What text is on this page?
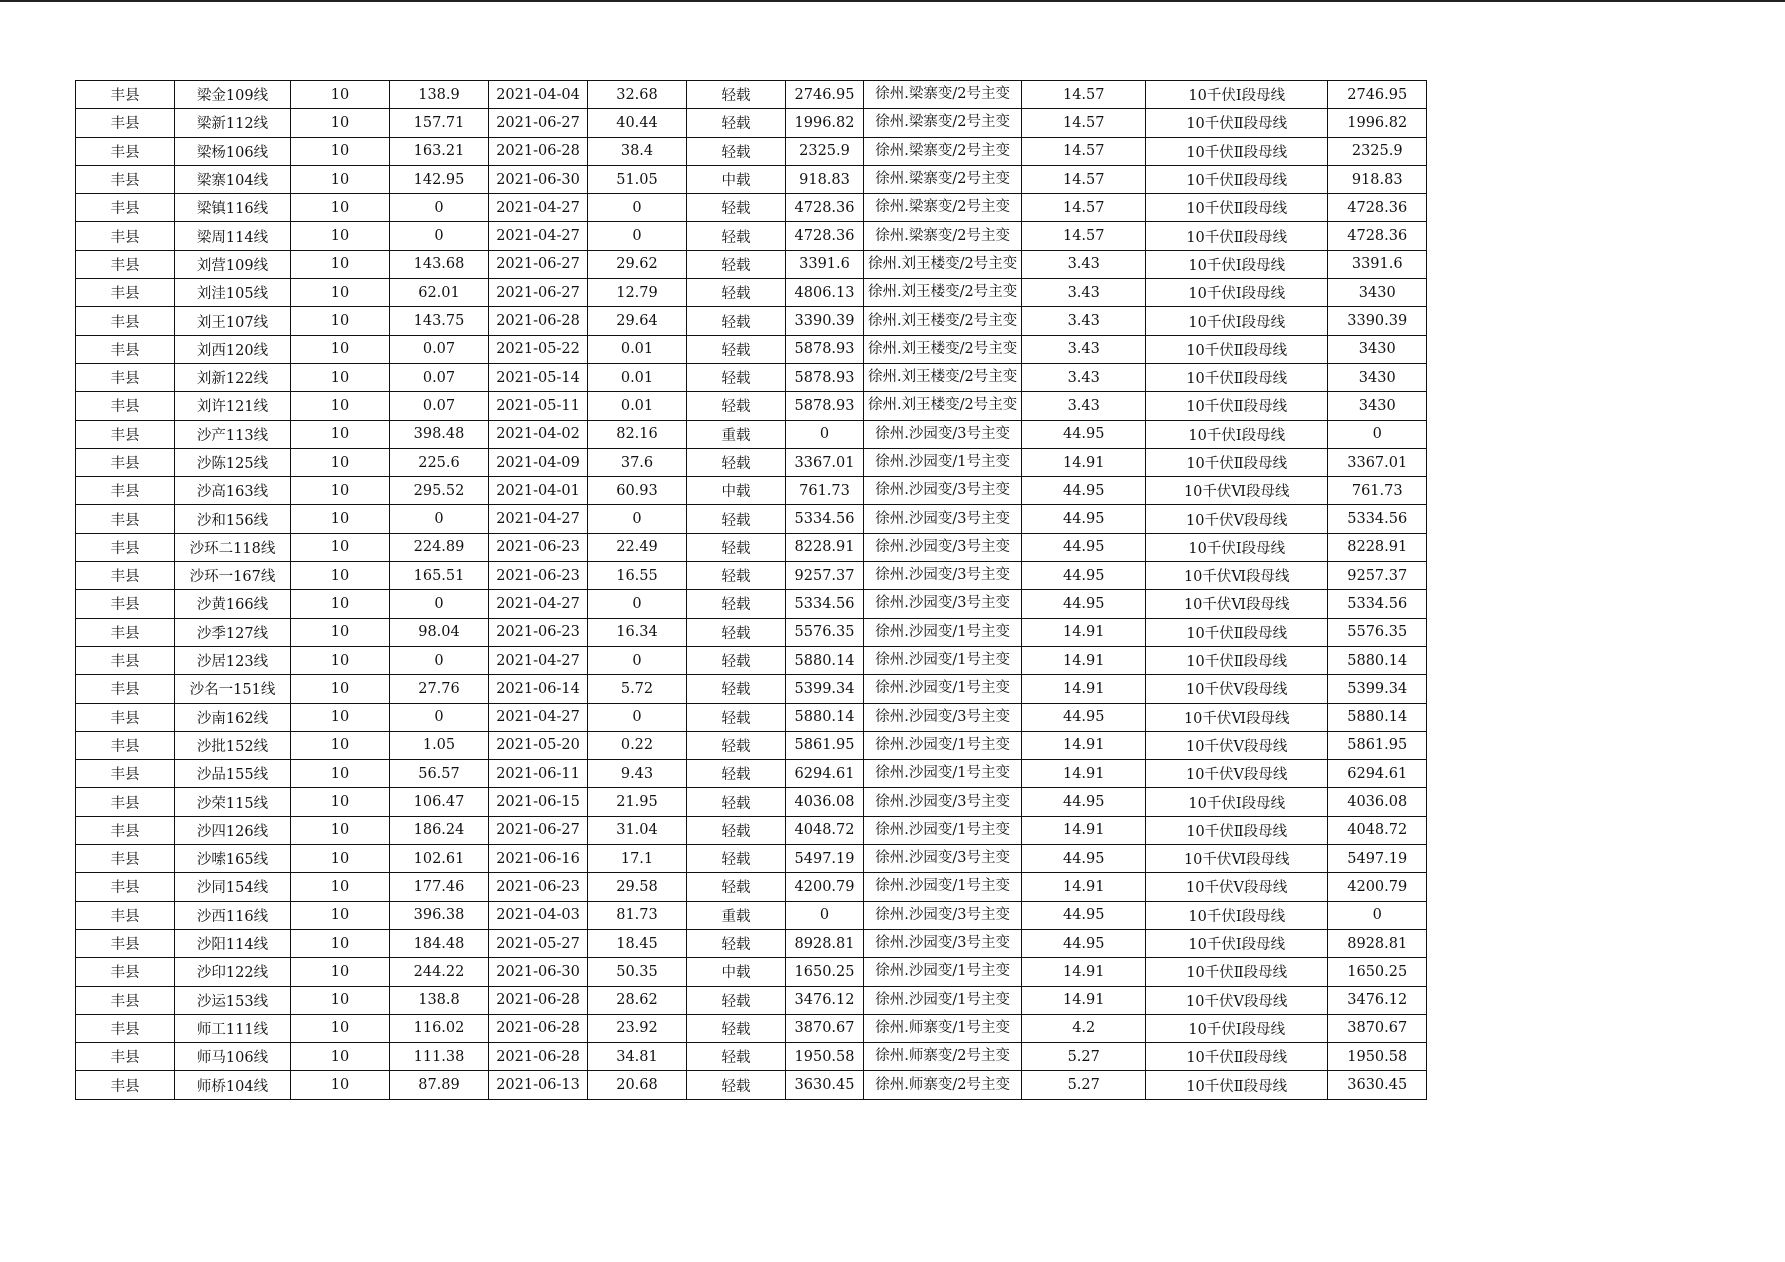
丰县	梁金109线	10	138.9	2021-04-04	32.68	轻载	2746.95	徐州.梁寨变/2号主变	14.57	10千伏Ⅰ段母线	2746.95
丰县	梁新112线	10	157.71	2021-06-27	40.44	轻载	1996.82	徐州.梁寨变/2号主变	14.57	10千伏Ⅱ段母线	1996.82
丰县	梁杨106线	10	163.21	2021-06-28	38.4	轻载	2325.9	徐州.梁寨变/2号主变	14.57	10千伏Ⅱ段母线	2325.9
丰县	梁寨104线	10	142.95	2021-06-30	51.05	中载	918.83	徐州.梁寨变/2号主变	14.57	10千伏Ⅱ段母线	918.83
丰县	梁镇116线	10	0	2021-04-27	0	轻载	4728.36	徐州.梁寨变/2号主变	14.57	10千伏Ⅱ段母线	4728.36
丰县	梁周114线	10	0	2021-04-27	0	轻载	4728.36	徐州.梁寨变/2号主变	14.57	10千伏Ⅱ段母线	4728.36
丰县	刘营109线	10	143.68	2021-06-27	29.62	轻载	3391.6	徐州.刘王楼变/2号主变	3.43	10千伏Ⅰ段母线	3391.6
丰县	刘洼105线	10	62.01	2021-06-27	12.79	轻载	4806.13	徐州.刘王楼变/2号主变	3.43	10千伏Ⅰ段母线	3430
丰县	刘王107线	10	143.75	2021-06-28	29.64	轻载	3390.39	徐州.刘王楼变/2号主变	3.43	10千伏Ⅰ段母线	3390.39
丰县	刘西120线	10	0.07	2021-05-22	0.01	轻载	5878.93	徐州.刘王楼变/2号主变	3.43	10千伏Ⅱ段母线	3430
丰县	刘新122线	10	0.07	2021-05-14	0.01	轻载	5878.93	徐州.刘王楼变/2号主变	3.43	10千伏Ⅱ段母线	3430
丰县	刘许121线	10	0.07	2021-05-11	0.01	轻载	5878.93	徐州.刘王楼变/2号主变	3.43	10千伏Ⅱ段母线	3430
丰县	沙产113线	10	398.48	2021-04-02	82.16	重载	0	徐州.沙园变/3号主变	44.95	10千伏Ⅰ段母线	0
丰县	沙陈125线	10	225.6	2021-04-09	37.6	轻载	3367.01	徐州.沙园变/1号主变	14.91	10千伏Ⅱ段母线	3367.01
丰县	沙高163线	10	295.52	2021-04-01	60.93	中载	761.73	徐州.沙园变/3号主变	44.95	10千伏Ⅵ段母线	761.73
丰县	沙和156线	10	0	2021-04-27	0	轻载	5334.56	徐州.沙园变/3号主变	44.95	10千伏Ⅴ段母线	5334.56
丰县	沙环二118线	10	224.89	2021-06-23	22.49	轻载	8228.91	徐州.沙园变/3号主变	44.95	10千伏Ⅰ段母线	8228.91
丰县	沙环一167线	10	165.51	2021-06-23	16.55	轻载	9257.37	徐州.沙园变/3号主变	44.95	10千伏Ⅵ段母线	9257.37
丰县	沙黄166线	10	0	2021-04-27	0	轻载	5334.56	徐州.沙园变/3号主变	44.95	10千伏Ⅵ段母线	5334.56
丰县	沙季127线	10	98.04	2021-06-23	16.34	轻载	5576.35	徐州.沙园变/1号主变	14.91	10千伏Ⅱ段母线	5576.35
丰县	沙居123线	10	0	2021-04-27	0	轻载	5880.14	徐州.沙园变/1号主变	14.91	10千伏Ⅱ段母线	5880.14
丰县	沙名一151线	10	27.76	2021-06-14	5.72	轻载	5399.34	徐州.沙园变/1号主变	14.91	10千伏Ⅴ段母线	5399.34
丰县	沙南162线	10	0	2021-04-27	0	轻载	5880.14	徐州.沙园变/3号主变	44.95	10千伏Ⅵ段母线	5880.14
丰县	沙批152线	10	1.05	2021-05-20	0.22	轻载	5861.95	徐州.沙园变/1号主变	14.91	10千伏Ⅴ段母线	5861.95
丰县	沙品155线	10	56.57	2021-06-11	9.43	轻载	6294.61	徐州.沙园变/1号主变	14.91	10千伏Ⅴ段母线	6294.61
丰县	沙荣115线	10	106.47	2021-06-15	21.95	轻载	4036.08	徐州.沙园变/3号主变	44.95	10千伏Ⅰ段母线	4036.08
丰县	沙四126线	10	186.24	2021-06-27	31.04	轻载	4048.72	徐州.沙园变/1号主变	14.91	10千伏Ⅱ段母线	4048.72
丰县	沙嗦165线	10	102.61	2021-06-16	17.1	轻载	5497.19	徐州.沙园变/3号主变	44.95	10千伏Ⅵ段母线	5497.19
丰县	沙同154线	10	177.46	2021-06-23	29.58	轻载	4200.79	徐州.沙园变/1号主变	14.91	10千伏Ⅴ段母线	4200.79
丰县	沙西116线	10	396.38	2021-04-03	81.73	重载	0	徐州.沙园变/3号主变	44.95	10千伏Ⅰ段母线	0
丰县	沙阳114线	10	184.48	2021-05-27	18.45	轻载	8928.81	徐州.沙园变/3号主变	44.95	10千伏Ⅰ段母线	8928.81
丰县	沙印122线	10	244.22	2021-06-30	50.35	中载	1650.25	徐州.沙园变/1号主变	14.91	10千伏Ⅱ段母线	1650.25
丰县	沙运153线	10	138.8	2021-06-28	28.62	轻载	3476.12	徐州.沙园变/1号主变	14.91	10千伏Ⅴ段母线	3476.12
丰县	师工111线	10	116.02	2021-06-28	23.92	轻载	3870.67	徐州.师寨变/1号主变	4.2	10千伏Ⅰ段母线	3870.67
丰县	师马106线	10	111.38	2021-06-28	34.81	轻载	1950.58	徐州.师寨变/2号主变	5.27	10千伏Ⅱ段母线	1950.58
丰县	师桥104线	10	87.89	2021-06-13	20.68	轻载	3630.45	徐州.师寨变/2号主变	5.27	10千伏Ⅱ段母线	3630.45
